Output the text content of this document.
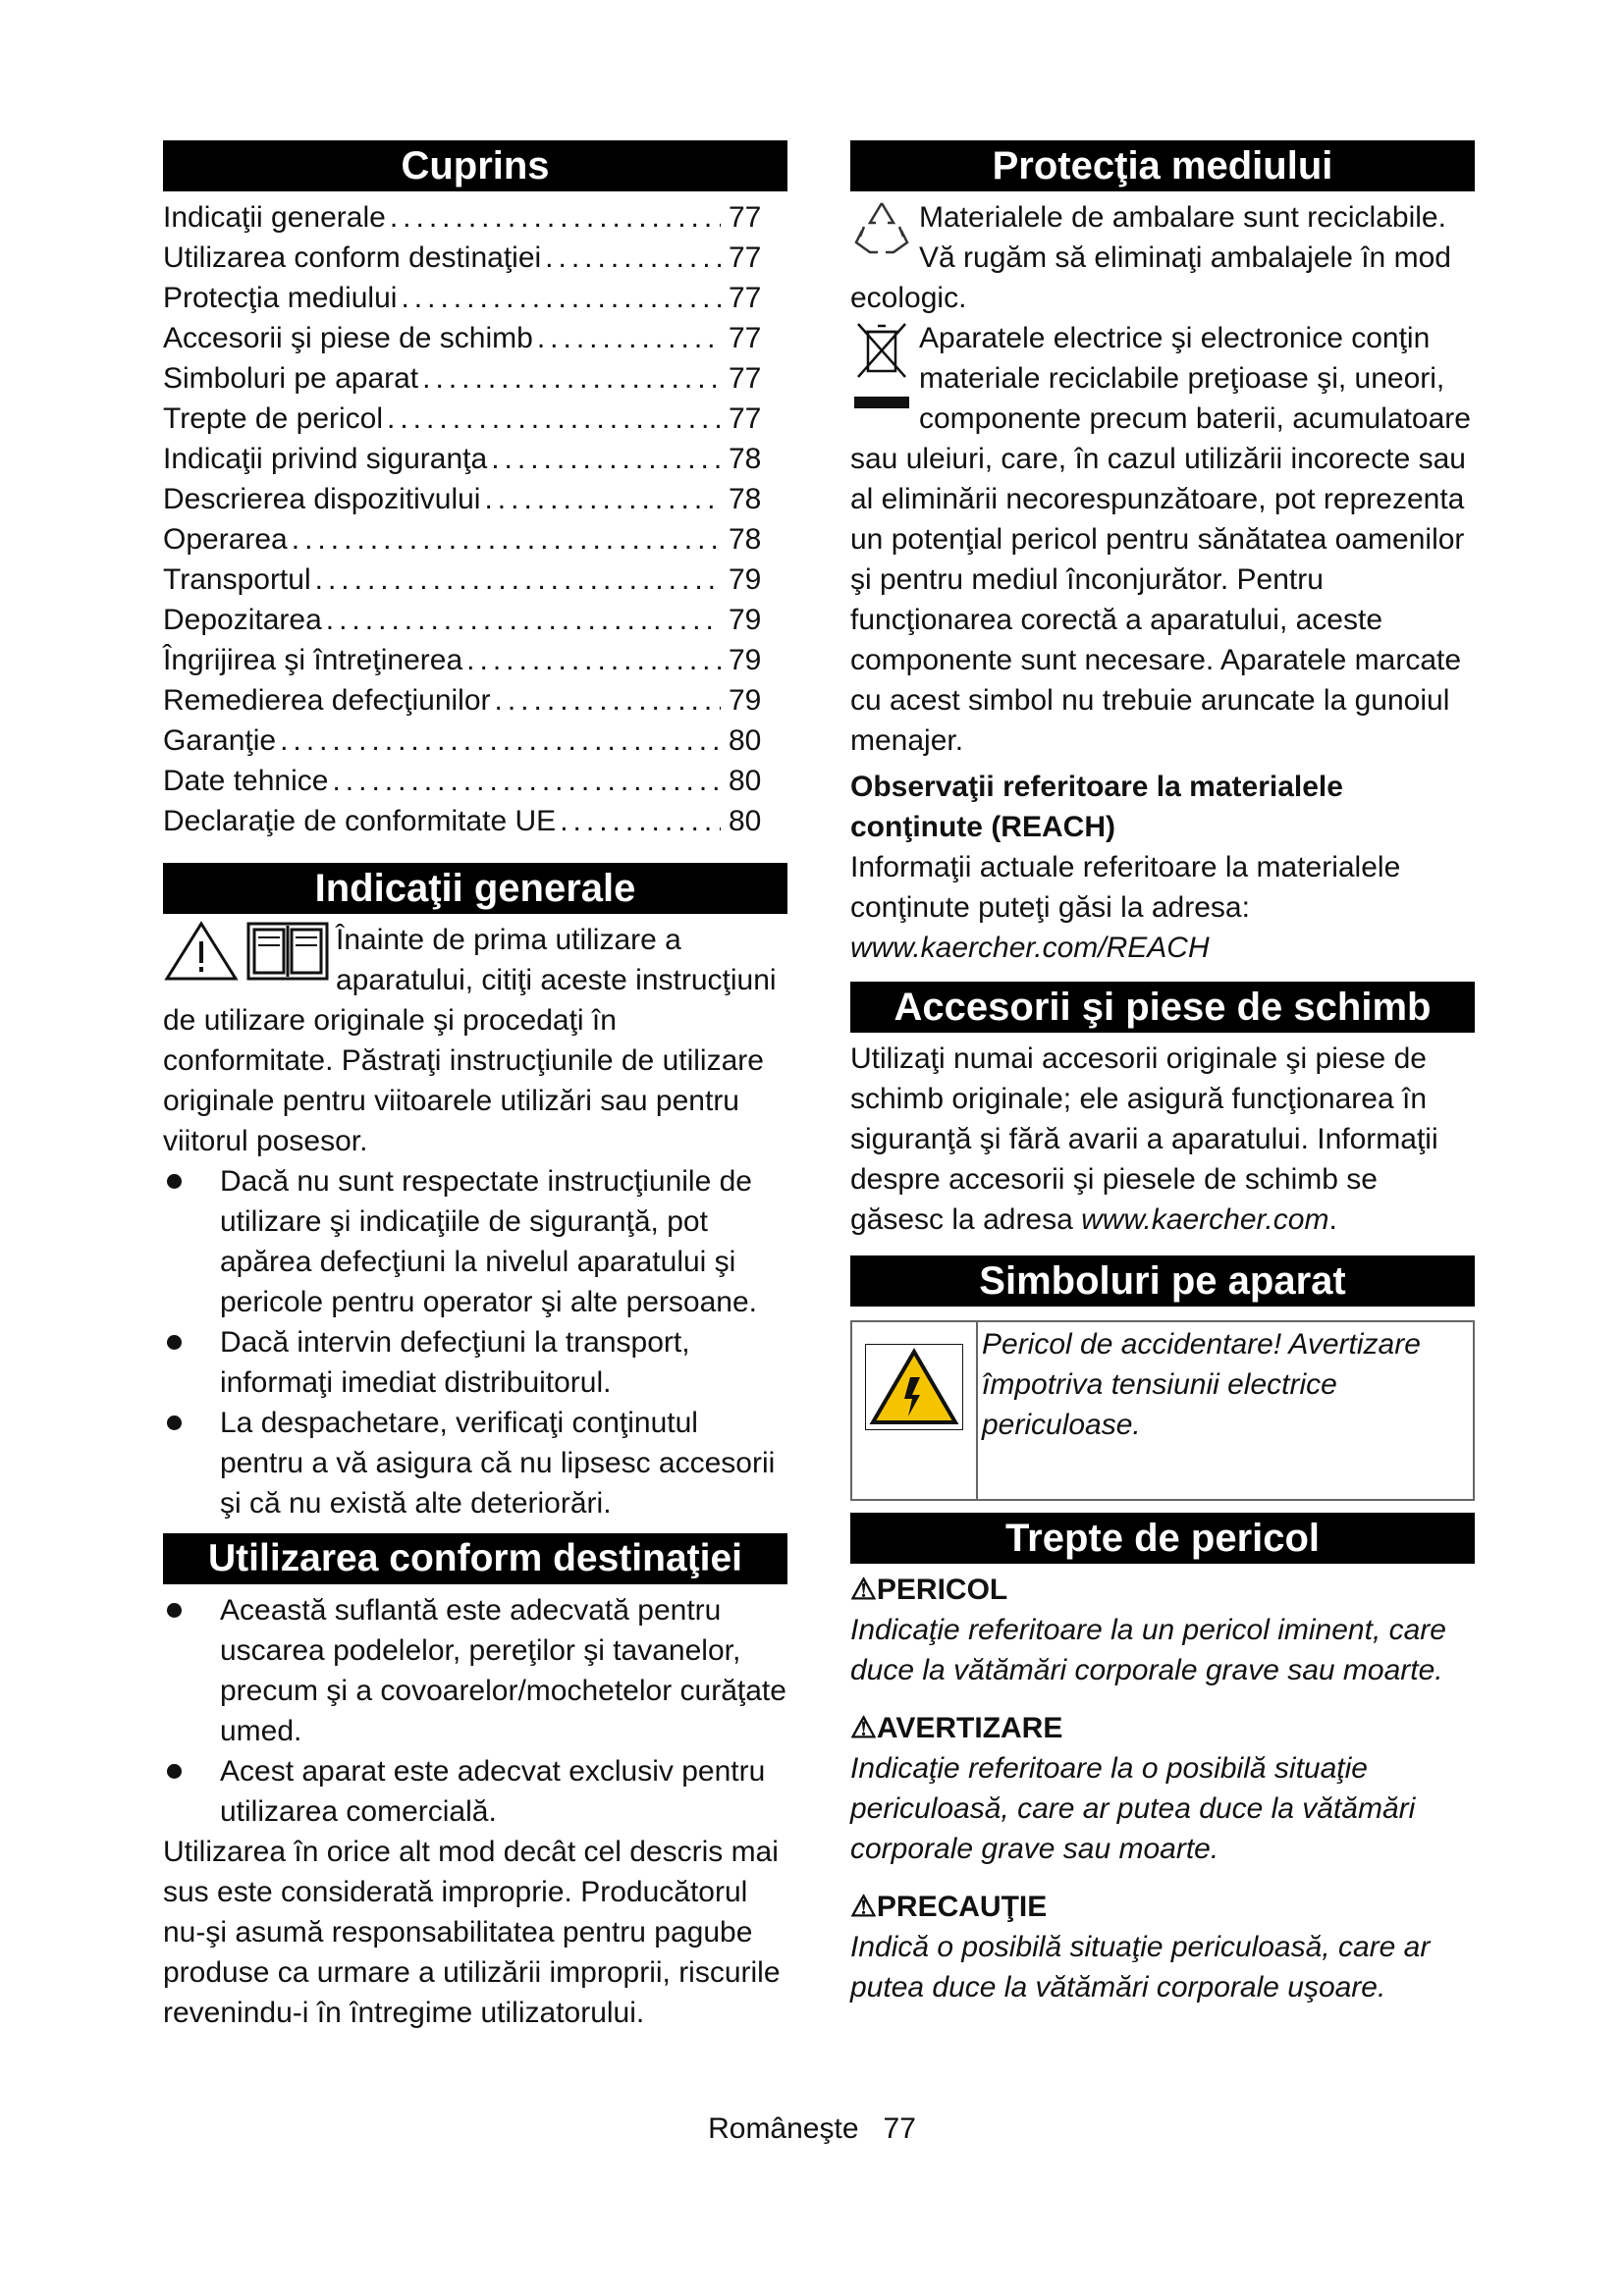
Cuprins
Indicaţii generale .....	77
Utilizarea conform destinaţiei .....	77
Protecţia mediului .....	77
Accesorii şi piese de schimb .....	77
Simboluri pe aparat .....	77
Trepte de pericol .....	77
Indicaţii privind siguranţa .....	78
Descrierea dispozitivului .....	78
Operarea .....	78
Transportul .....	79
Depozitarea .....	79
Îngrijirea şi întreţinerea .....	79
Remedierea defecţiunilor .....	79
Garanţie .....	80
Date tehnice .....	80
Declaraţie de conformitate UE .....	80
Indicaţii generale

Înainte de prima utilizare a aparatului, citiţi aceste instrucţiuni de utilizare originale şi procedaţi în conformitate. Păstraţi instrucţiunile de utilizare originale pentru viitoarele utilizări sau pentru viitorul posesor.

Dacă nu sunt respectate instrucţiunile de utilizare şi indicaţiile de siguranţă, pot apărea defecţiuni la nivelul aparatului şi pericole pentru operator şi alte persoane.
Dacă intervin defecţiuni la transport, informaţi imediat distribuitorul.
La despachetare, verificaţi conţinutul pentru a vă asigura că nu lipsesc accesorii şi că nu există alte deteriorări.
Utilizarea conform destinaţiei
Această suflantă este adecvată pentru uscarea podelelor, pereţilor şi tavanelor, precum şi a covoarelor/mochetelor curăţate umed.
Acest aparat este adecvat exclusiv pentru utilizarea comercială.

Utilizarea în orice alt mod decât cel descris mai sus este considerată improprie. Producătorul nu-şi asumă responsabilitatea pentru pagube produse ca urmare a utilizării improprii, riscurile revenindu-i în întregime utilizatorului.

Protecţia mediului

Materialele de ambalare sunt reciclabile. Vă rugăm să eliminaţi ambalajele în mod ecologic.

Aparatele electrice şi electronice conţin materiale reciclabile preţioase şi, uneori, componente precum baterii, acumulatoare sau uleiuri, care, în cazul utilizării incorecte sau al eliminării necorespunzătoare, pot reprezenta un potenţial pericol pentru sănătatea oamenilor şi pentru mediul înconjurător. Pentru funcţionarea corectă a aparatului, aceste componente sunt necesare. Aparatele marcate cu acest simbol nu trebuie aruncate la gunoiul menajer.

Observaţii referitoare la materialele conţinute (REACH)

Informaţii actuale referitoare la materialele conţinute puteţi găsi la adresa: www.kaercher.com/REACH

Accesorii şi piese de schimb

Utilizaţi numai accesorii originale şi piese de schimb originale; ele asigură funcţionarea în siguranţă şi fără avarii a aparatului. Informaţii despre accesorii şi piesele de schimb se găsesc la adresa www.kaercher.com.

Simboluri pe aparat
Pericol de accidentare! Avertizare împotriva tensiunii electrice periculoase.
Trepte de pericol
⚠PERICOL

Indicaţie referitoare la un pericol iminent, care duce la vătămări corporale grave sau moarte.

⚠AVERTIZARE

Indicaţie referitoare la o posibilă situaţie periculoasă, care ar putea duce la vătămări corporale grave sau moarte.

⚠PRECAUŢIE

Indică o posibilă situaţie periculoasă, care ar putea duce la vătămări corporale uşoare.

Româneşte 77
